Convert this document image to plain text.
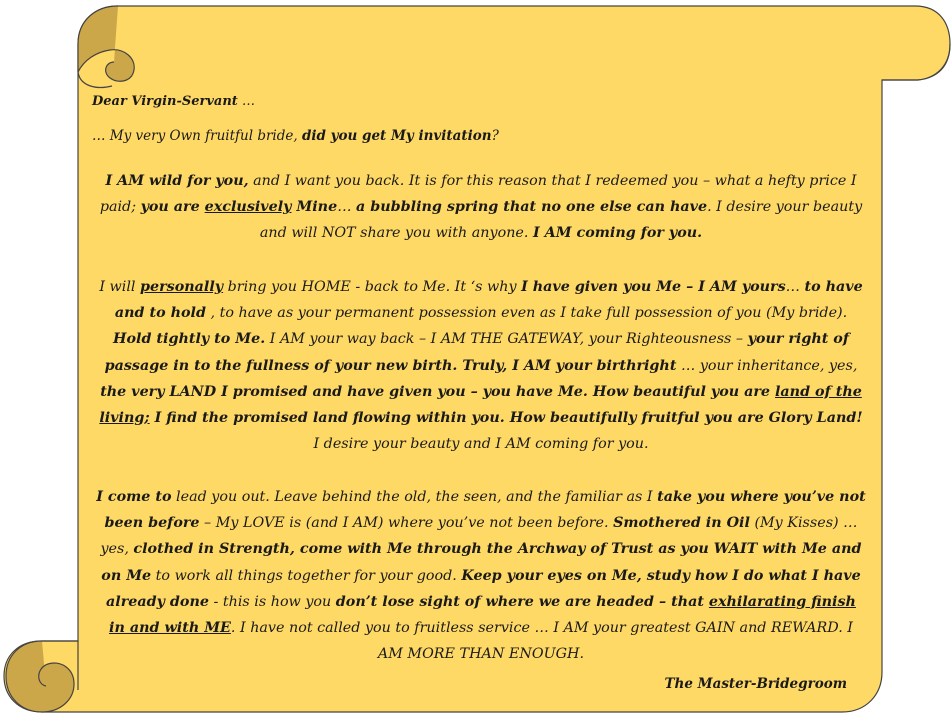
Dear Virgin-Servant …
… My very Own fruitful bride, did you get My invitation?
I AM wild for you, and I want you back. It is for this reason that I redeemed you – what a hefty price I paid; you are exclusively Mine… a bubbling spring that no one else can have. I desire your beauty and will NOT share you with anyone. I AM coming for you.
I will personally bring you HOME - back to Me. It ‘s why I have given you Me – I AM yours… to have and to hold , to have as your permanent possession even as I take full possession of you (My bride). Hold tightly to Me. I AM your way back – I AM THE GATEWAY, your Righteousness – your right of passage in to the fullness of your new birth. Truly, I AM your birthright … your inheritance, yes, the very LAND I promised and have given you – you have Me. How beautiful you are land of the living; I find the promised land flowing within you. How beautifully fruitful you are Glory Land! I desire your beauty and I AM coming for you.
I come to lead you out. Leave behind the old, the seen, and the familiar as I take you where you’ve not been before – My LOVE is (and I AM) where you’ve not been before. Smothered in Oil (My Kisses) … yes, clothed in Strength, come with Me through the Archway of Trust as you WAIT with Me and on Me to work all things together for your good. Keep your eyes on Me, study how I do what I have already done - this is how you don’t lose sight of where we are headed – that exhilarating finish in and with ME. I have not called you to fruitless service … I AM your greatest GAIN and REWARD. I AM MORE THAN ENOUGH.
The Master-Bridegroom
